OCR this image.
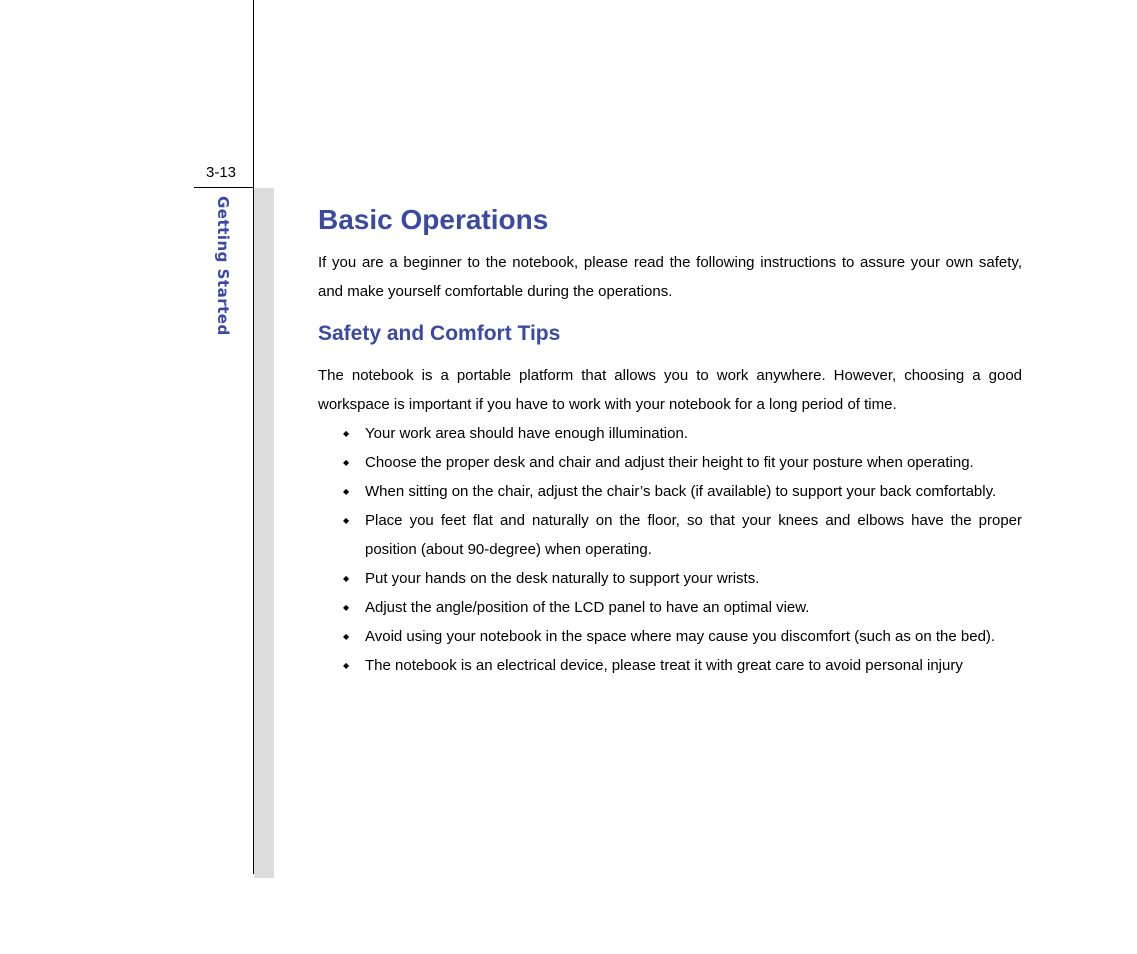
3-13
Getting Started	Basic Operations

If you are a beginner to the notebook, please read the following instructions to assure your own safety, and make yourself comfortable during the operations.

Safety and Comfort Tips

The notebook is a portable platform that allows you to work anywhere. However, choosing a good workspace is important if you have to work with your notebook for a long period of time.

◆ Your work area should have enough illumination.
◆ Choose the proper desk and chair and adjust their height to fit your posture when operating.
◆ When sitting on the chair, adjust the chair’s back (if available) to support your back comfortably.
◆ Place you feet flat and naturally on the floor, so that your knees and elbows have the proper position (about 90-degree) when operating.
◆ Put your hands on the desk naturally to support your wrists.
◆ Adjust the angle/position of the LCD panel to have an optimal view.
◆ Avoid using your notebook in the space where may cause you discomfort (such as on the bed).
◆ The notebook is an electrical device, please treat it with great care to avoid personal injury
